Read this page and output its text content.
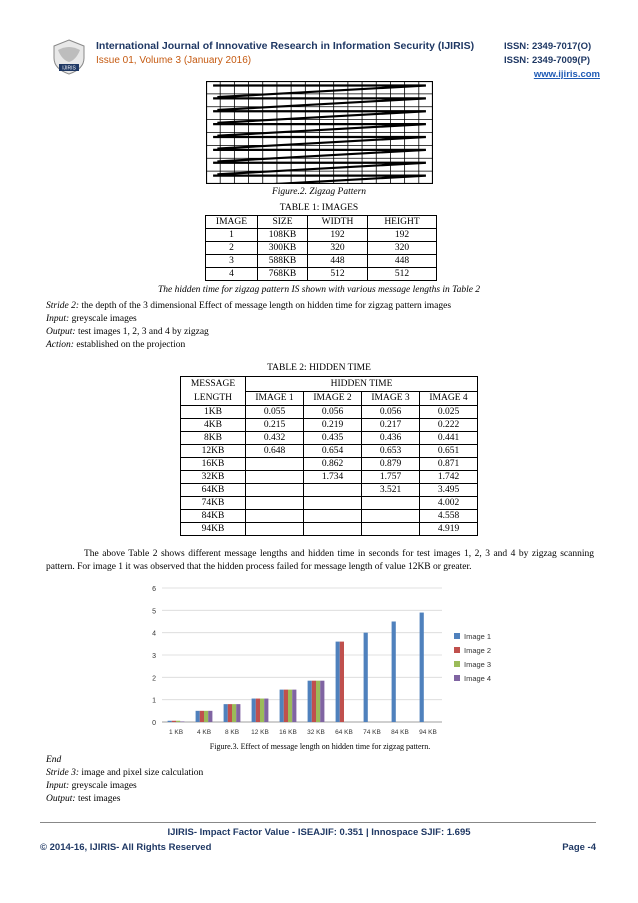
IJIRIS
International Journal of Innovative Research in Information Security (IJIRIS)
Issue 01, Volume 3 (January 2016)
ISSN: 2349-7017(O)
ISSN: 2349-7009(P)
www.ijiris.com
Figure.2. Zigzag Pattern
TABLE 1: IMAGES
IMAGE	SIZE	WIDTH	HEIGHT
1	108KB	192	192
2	300KB	320	320
3	588KB	448	448
4	768KB	512	512
The hidden time for zigzag pattern IS shown with various message lengths in Table 2
Stride 2: the depth of the 3 dimensional Effect of message length on hidden time for zigzag pattern images
Input: greyscale images
Output: test images 1, 2, 3 and 4 by zigzag
Action: established on the projection
TABLE 2: HIDDEN TIME
MESSAGE
LENGTH	HIDDEN TIME			
	IMAGE 1	IMAGE 2	IMAGE 3	IMAGE 4
1KB	0.055	0.056	0.056	0.025
4KB	0.215	0.219	0.217	0.222
8KB	0.432	0.435	0.436	0.441
12KB	0.648	0.654	0.653	0.651
16KB		0.862	0.879	0.871
32KB		1.734	1.757	1.742
64KB			3.521	3.495
74KB				4.002
84KB				4.558
94KB				4.919
The above Table 2 shows different message lengths and hidden time in seconds for test images 1, 2, 3 and 4 by zigzag scanning pattern. For image 1 it was observed that the hidden process failed for message length of value 12KB or greater.
0
1
2
3
4
5
6
1 KB 4 KB 8 KB 12 KB 16 KB 32 KB 64 KB 74 KB 84 KB 94 KB
Image 1
Image 2
Image 3
Image 4
Figure.3. Effect of message length on hidden time for zigzag pattern.
End
Stride 3: image and pixel size calculation
Input: greyscale images
Output: test images
IJIRIS- Impact Factor Value - ISEAJIF: 0.351 | Innospace SJIF: 1.695
© 2014-16, IJIRIS- All Rights Reserved	Page -4
